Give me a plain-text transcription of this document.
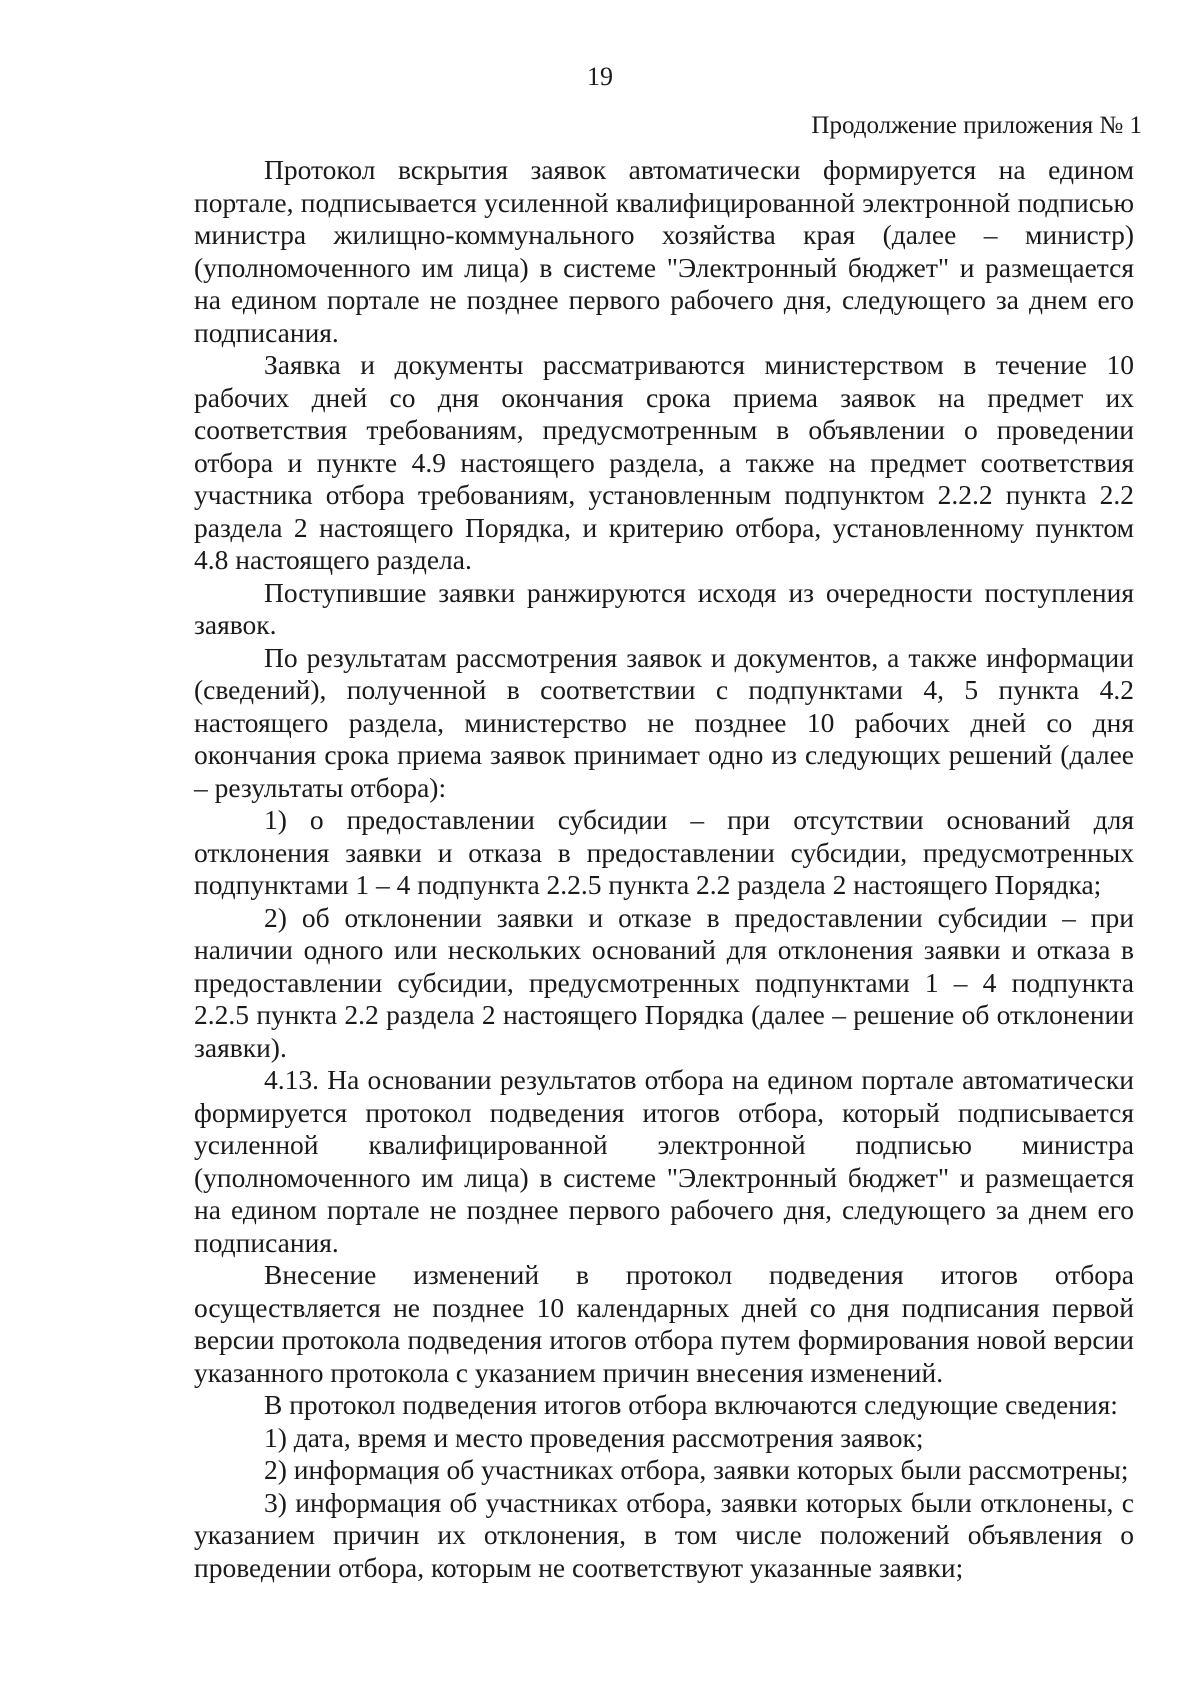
19
Продолжение приложения № 1

Протокол вскрытия заявок автоматически формируется на едином портале, подписывается усиленной квалифицированной электронной подписью министра жилищно-коммунального хозяйства края (далее – министр) (уполномоченного им лица) в системе "Электронный бюджет" и размещается на едином портале не позднее первого рабочего дня, следующего за днем его подписания.

Заявка и документы рассматриваются министерством в течение 10 рабочих дней со дня окончания срока приема заявок на предмет их соответствия требованиям, предусмотренным в объявлении о проведении отбора и пункте 4.9 настоящего раздела, а также на предмет соответствия участника отбора требованиям, установленным подпунктом 2.2.2 пункта 2.2 раздела 2 настоящего Порядка, и критерию отбора, установленному пунктом 4.8 настоящего раздела.

Поступившие заявки ранжируются исходя из очередности поступления заявок.

По результатам рассмотрения заявок и документов, а также информации (сведений), полученной в соответствии с подпунктами 4, 5 пункта 4.2 настоящего раздела, министерство не позднее 10 рабочих дней со дня окончания срока приема заявок принимает одно из следующих решений (далее – результаты отбора):

1) о предоставлении субсидии – при отсутствии оснований для отклонения заявки и отказа в предоставлении субсидии, предусмотренных подпунктами 1 – 4 подпункта 2.2.5 пункта 2.2 раздела 2 настоящего Порядка;

2) об отклонении заявки и отказе в предоставлении субсидии – при наличии одного или нескольких оснований для отклонения заявки и отказа в предоставлении субсидии, предусмотренных подпунктами 1 – 4 подпункта 2.2.5 пункта 2.2 раздела 2 настоящего Порядка (далее – решение об отклонении заявки).

4.13. На основании результатов отбора на едином портале автоматически формируется протокол подведения итогов отбора, который подписывается усиленной квалифицированной электронной подписью министра (уполномоченного им лица) в системе "Электронный бюджет" и размещается на едином портале не позднее первого рабочего дня, следующего за днем его подписания.

Внесение изменений в протокол подведения итогов отбора осуществляется не позднее 10 календарных дней со дня подписания первой версии протокола подведения итогов отбора путем формирования новой версии указанного протокола с указанием причин внесения изменений.

В протокол подведения итогов отбора включаются следующие сведения:

1) дата, время и место проведения рассмотрения заявок;

2) информация об участниках отбора, заявки которых были рассмотрены;

3) информация об участниках отбора, заявки которых были отклонены, с указанием причин их отклонения, в том числе положений объявления о проведении отбора, которым не соответствуют указанные заявки;
